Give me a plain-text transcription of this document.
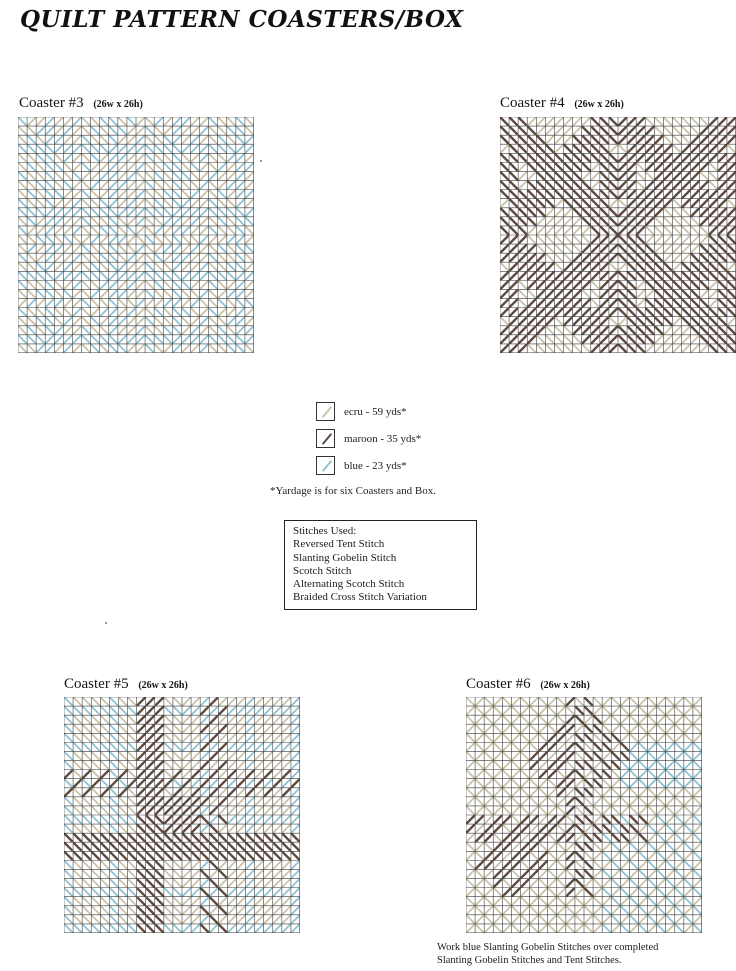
QUILT PATTERN COASTERS/BOX
Coaster #3 (26w x 26h)	Coaster #4 (26w x 26h)
ecru - 59 yds*
maroon - 35 yds*
blue - 23 yds*
*Yardage is for six Coasters and Box.
Stitches Used:
Reversed Tent Stitch
Slanting Gobelin Stitch
Scotch Stitch
Alternating Scotch Stitch
Braided Cross Stitch Variation
Coaster #5 (26w x 26h)	Coaster #6 (26w x 26h)
Work blue Slanting Gobelin Stitches over completed
Slanting Gobelin Stitches and Tent Stitches.
